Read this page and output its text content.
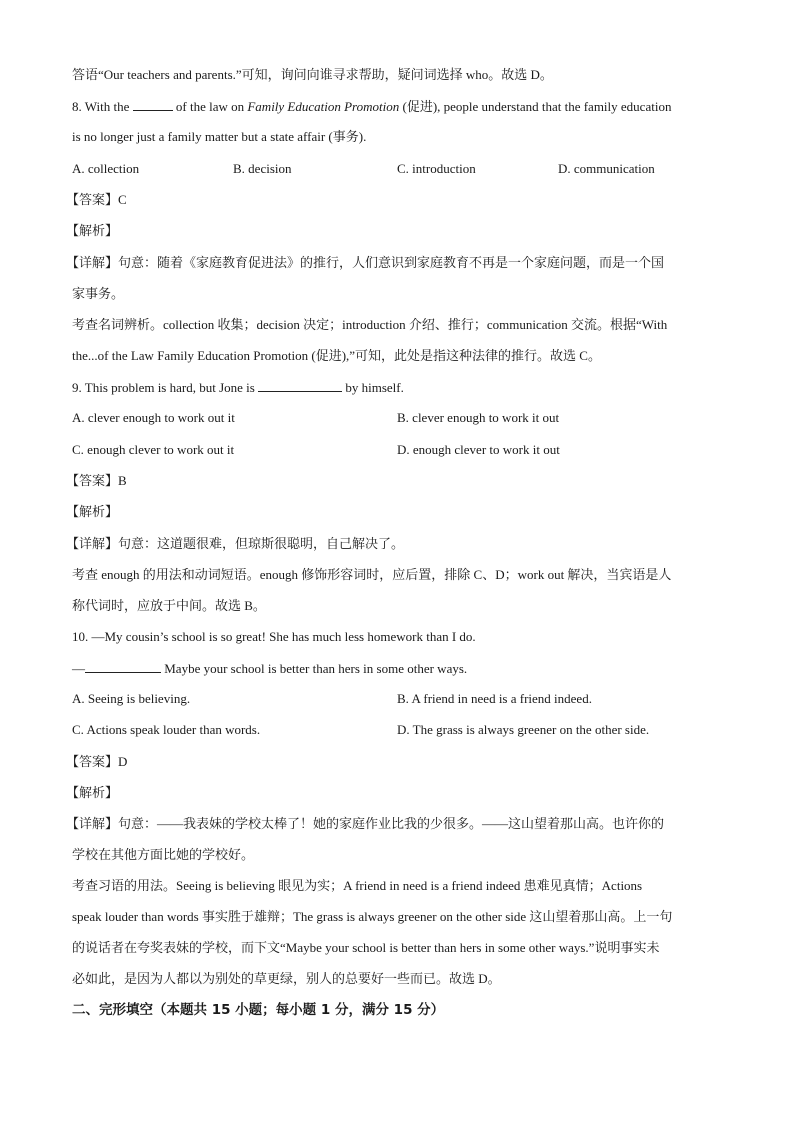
答语“Our teachers and parents.”可知，询问向谁寻求帮助，疑问词选择 who。故选 D。
8. With the	of the law on Family Education Promotion (促进), people understand that the family education
is no longer just a family matter but a state affair (事务).
A. collection	B. decision	C. introduction	D. communication
【答案】C
【解析】
【详解】句意：随着《家庭教育促进法》的推行，人们意识到家庭教育不再是一个家庭问题，而是一个国
家事务。
考查名词辨析。collection 收集；decision 决定；introduction 介绍、推行；communication 交流。根据“With
the...of the Law Family Education Promotion (促进),”可知，此处是指这种法律的推行。故选 C。
9. This problem is hard, but Jone is	by himself.
A. clever enough to work out it	B. clever enough to work it out
C. enough clever to work out it	D. enough clever to work it out
【答案】B
【解析】
【详解】句意：这道题很难，但琼斯很聪明，自己解决了。
考查 enough 的用法和动词短语。enough 修饰形容词时，应后置，排除 C、D；work out 解决，当宾语是人
称代词时，应放于中间。故选 B。
10. —My cousin’s school is so great! She has much less homework than I do.
—	Maybe your school is better than hers in some other ways.
A. Seeing is believing.	B. A friend in need is a friend indeed.
C. Actions speak louder than words.	D. The grass is always greener on the other side.
【答案】D
【解析】
【详解】句意：——我表妹的学校太棒了！她的家庭作业比我的少很多。——这山望着那山高。也许你的
学校在其他方面比她的学校好。
考查习语的用法。Seeing is believing 眼见为实；A friend in need is a friend indeed 患难见真情；Actions
speak louder than words 事实胜于雄辩；The grass is always greener on the other side 这山望着那山高。上一句
的说话者在夸奖表妹的学校，而下文“Maybe your school is better than hers in some other ways.”说明事实未
必如此，是因为人都以为别处的草更绿，别人的总要好一些而已。故选 D。
二、完形填空（本题共 15 小题；每小题 1 分，满分 15 分）
